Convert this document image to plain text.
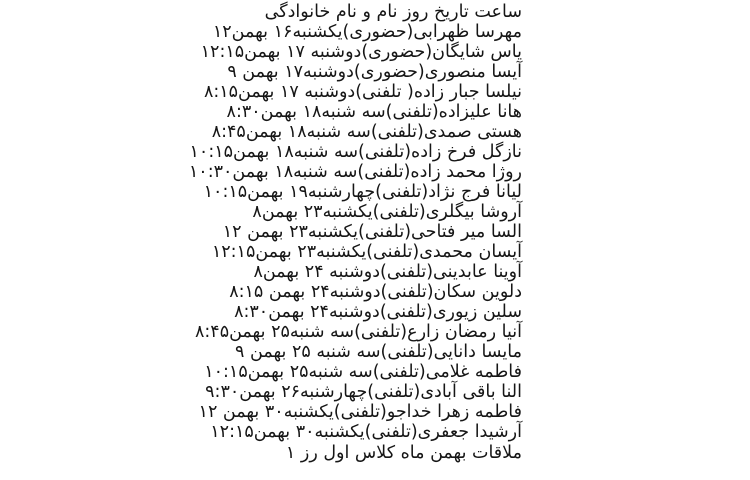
ساعت تاریخ روز نام و نام خانوادگی
مهرسا ظهرابی(حضوری)یکشنبه۱۶ بهمن۱۲
یاس شایگان(حضوری)دوشنبه ۱۷ بهمن۱۲:۱۵
آیسا منصوری(حضوری)دوشنبه۱۷ بهمن ۹
نیلسا جبار زاده( تلفنی)دوشنبه ۱۷ بهمن۸:۱۵
هانا علیزاده(تلفنی)سه شنبه۱۸ بهمن۸:۳۰
هستی صمدی(تلفنی)سه شنبه۱۸ بهمن۸:۴۵
نازگل فرخ زاده(تلفنی)سه شنبه۱۸ بهمن۱۰:۱۵
روژا محمد زاده(تلفنی)سه شنبه۱۸ بهمن۱۰:۳۰
لیانا فرج نژاد(تلفنی)چهارشنبه۱۹ بهمن۱۰:۱۵
آروشا بیگلری(تلفنی)یکشنبه۲۳ بهمن۸
السا میر فتاحی(تلفنی)یکشنبه۲۳ بهمن ۱۲
آیسان محمدی(تلفنی)یکشنبه۲۳ بهمن۱۲:۱۵
آوینا عابدینی(تلفنی)دوشنبه ۲۴ بهمن۸
دلوین سکان(تلفنی)دوشنبه۲۴ بهمن ۸:۱۵
سلین زیوری(تلفنی)دوشنبه۲۴ بهمن۸:۳۰
آنیا رمضان زارع(تلفنی)سه شنبه۲۵ بهمن۸:۴۵
مایسا دانایی(تلفنی)سه شنبه ۲۵ بهمن ۹
فاطمه غلامی(تلفنی)سه شنبه۲۵ بهمن۱۰:۱۵
النا باقی آبادی(تلفنی)چهارشنبه۲۶ بهمن۹:۳۰
فاطمه زهرا خداجو(تلفنی)یکشنبه۳۰ بهمن ۱۲
آرشیدا جعفری(تلفنی)یکشنبه۳۰ بهمن۱۲:۱۵
ملاقات بهمن ماه کلاس اول رز ۱
